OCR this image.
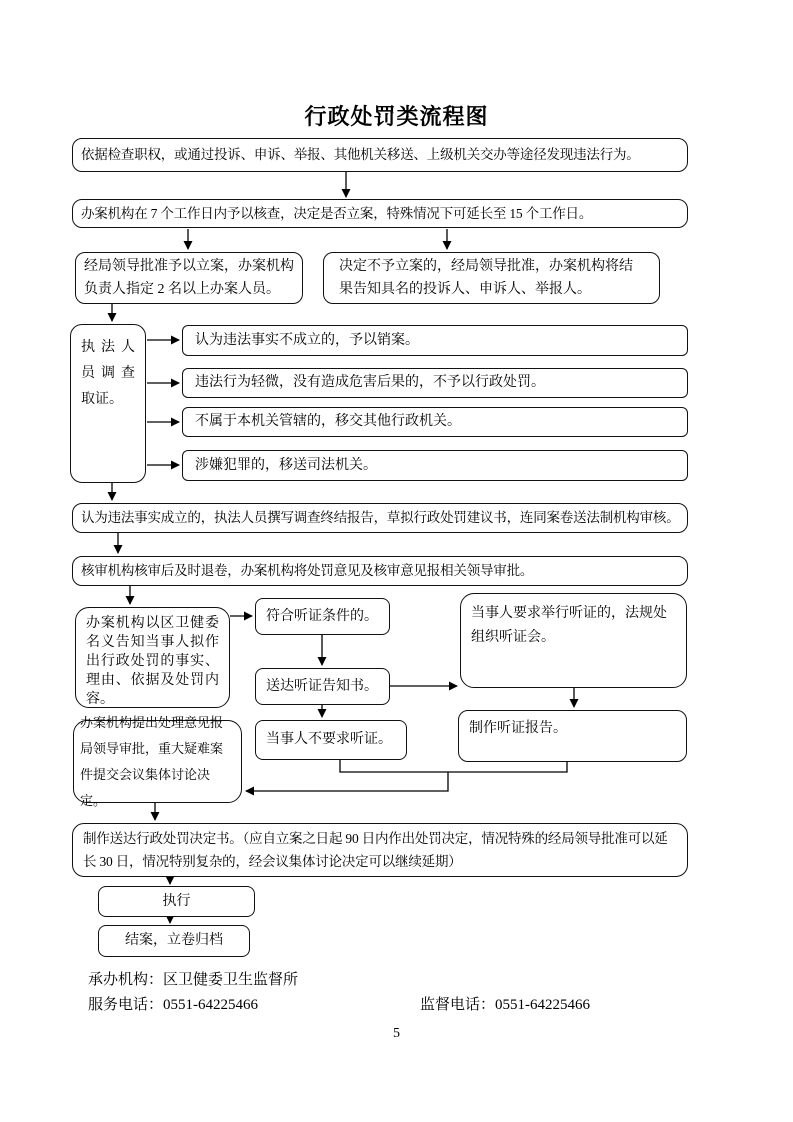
行政处罚类流程图
依据检查职权，或通过投诉、申诉、举报、其他机关移送、上级机关交办等途径发现违法行为。
办案机构在 7 个工作日内予以核查，决定是否立案，特殊情况下可延长至 15 个工作日。
经局领导批准予以立案，办案机构负责人指定 2 名以上办案人员。
决定不予立案的，经局领导批准，办案机构将结果告知具名的投诉人、申诉人、举报人。
执法人员调查取证。
认为违法事实不成立的，予以销案。
违法行为轻微，没有造成危害后果的，不予以行政处罚。
不属于本机关管辖的，移交其他行政机关。
涉嫌犯罪的，移送司法机关。
认为违法事实成立的，执法人员撰写调查终结报告，草拟行政处罚建议书，连同案卷送法制机构审核。
核审机构核审后及时退卷，办案机构将处罚意见及核审意见报相关领导审批。
办案机构以区卫健委名义告知当事人拟作出行政处罚的事实、理由、依据及处罚内容。
符合听证条件的。
送达听证告知书。
当事人不要求听证。
当事人要求举行听证的，法规处组织听证会。
制作听证报告。
办案机构提出处理意见报局领导审批，重大疑难案件提交会议集体讨论决定。
制作送达行政处罚决定书。（应自立案之日起 90 日内作出处罚决定，情况特殊的经局领导批准可以延长 30 日，情况特别复杂的，经会议集体讨论决定可以继续延期）
执行
结案，立卷归档
承办机构：区卫健委卫生监督所
服务电话：0551-64225466	监督电话：0551-64225466
5
